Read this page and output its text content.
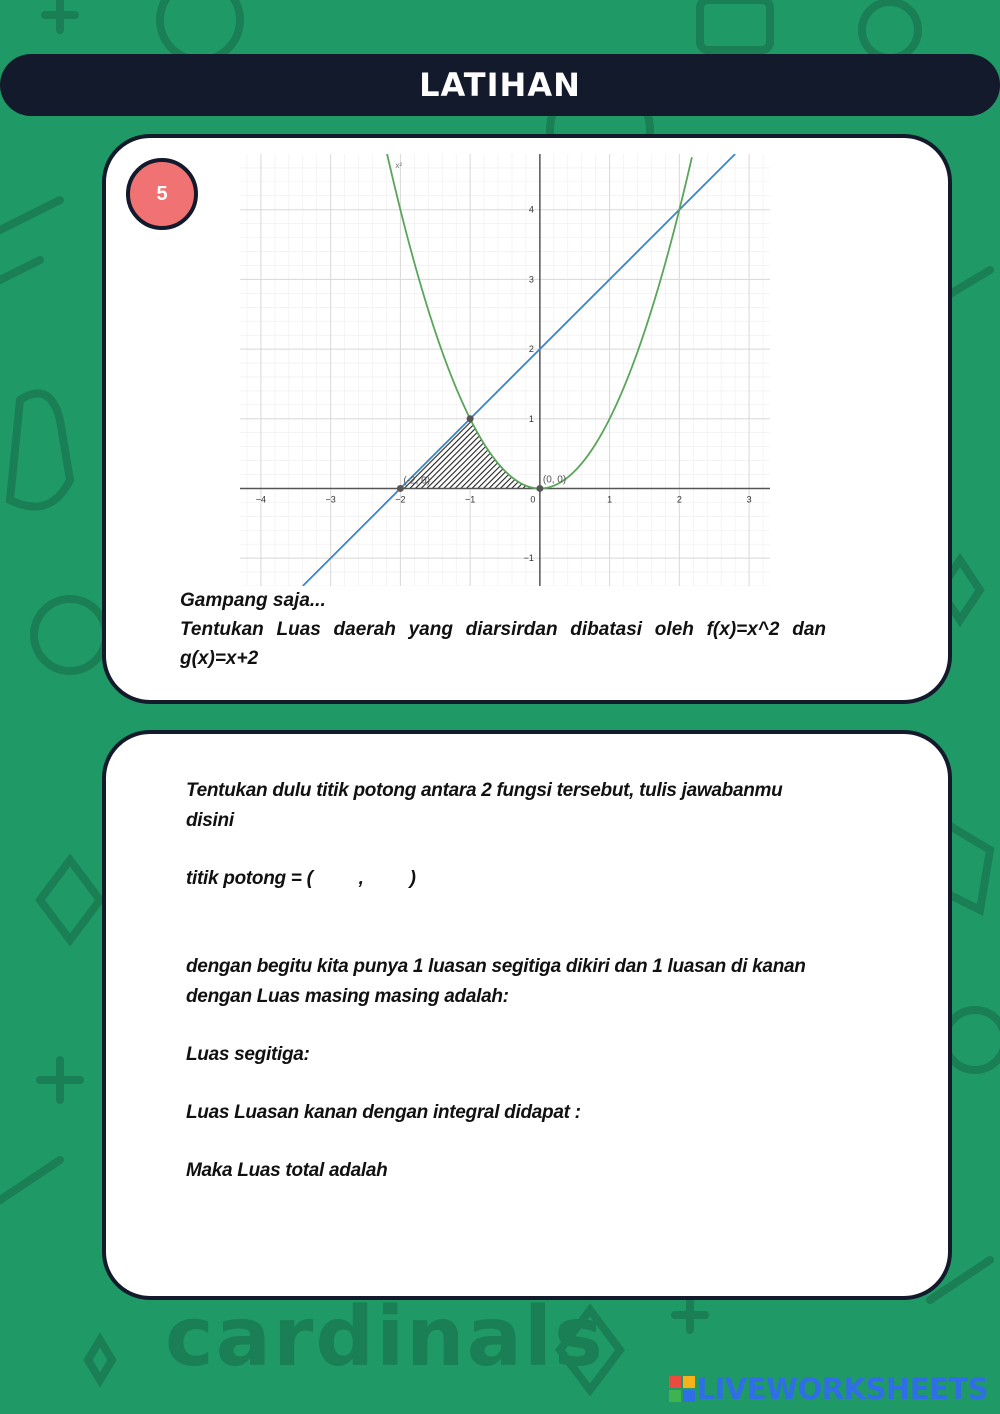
LATIHAN
5
−4	−3	−2	−1	0	1	2	3
4
3
2
1
−1
(-2, 0)	(0, 0)
x²

Gampang saja...

Tentukan Luas daerah yang diarsirdan dibatasi oleh f(x)=x^2 dan

g(x)=x+2

Tentukan dulu titik potong antara 2 fungsi tersebut, tulis jawabanmu

disini

titik potong = ( , )

dengan begitu kita punya 1 luasan segitiga dikiri dan 1 luasan di kanan

dengan Luas masing masing adalah:

Luas segitiga:

Luas Luasan kanan dengan integral didapat :

Maka Luas total adalah

cardinals
LIVEWORKSHEETS
